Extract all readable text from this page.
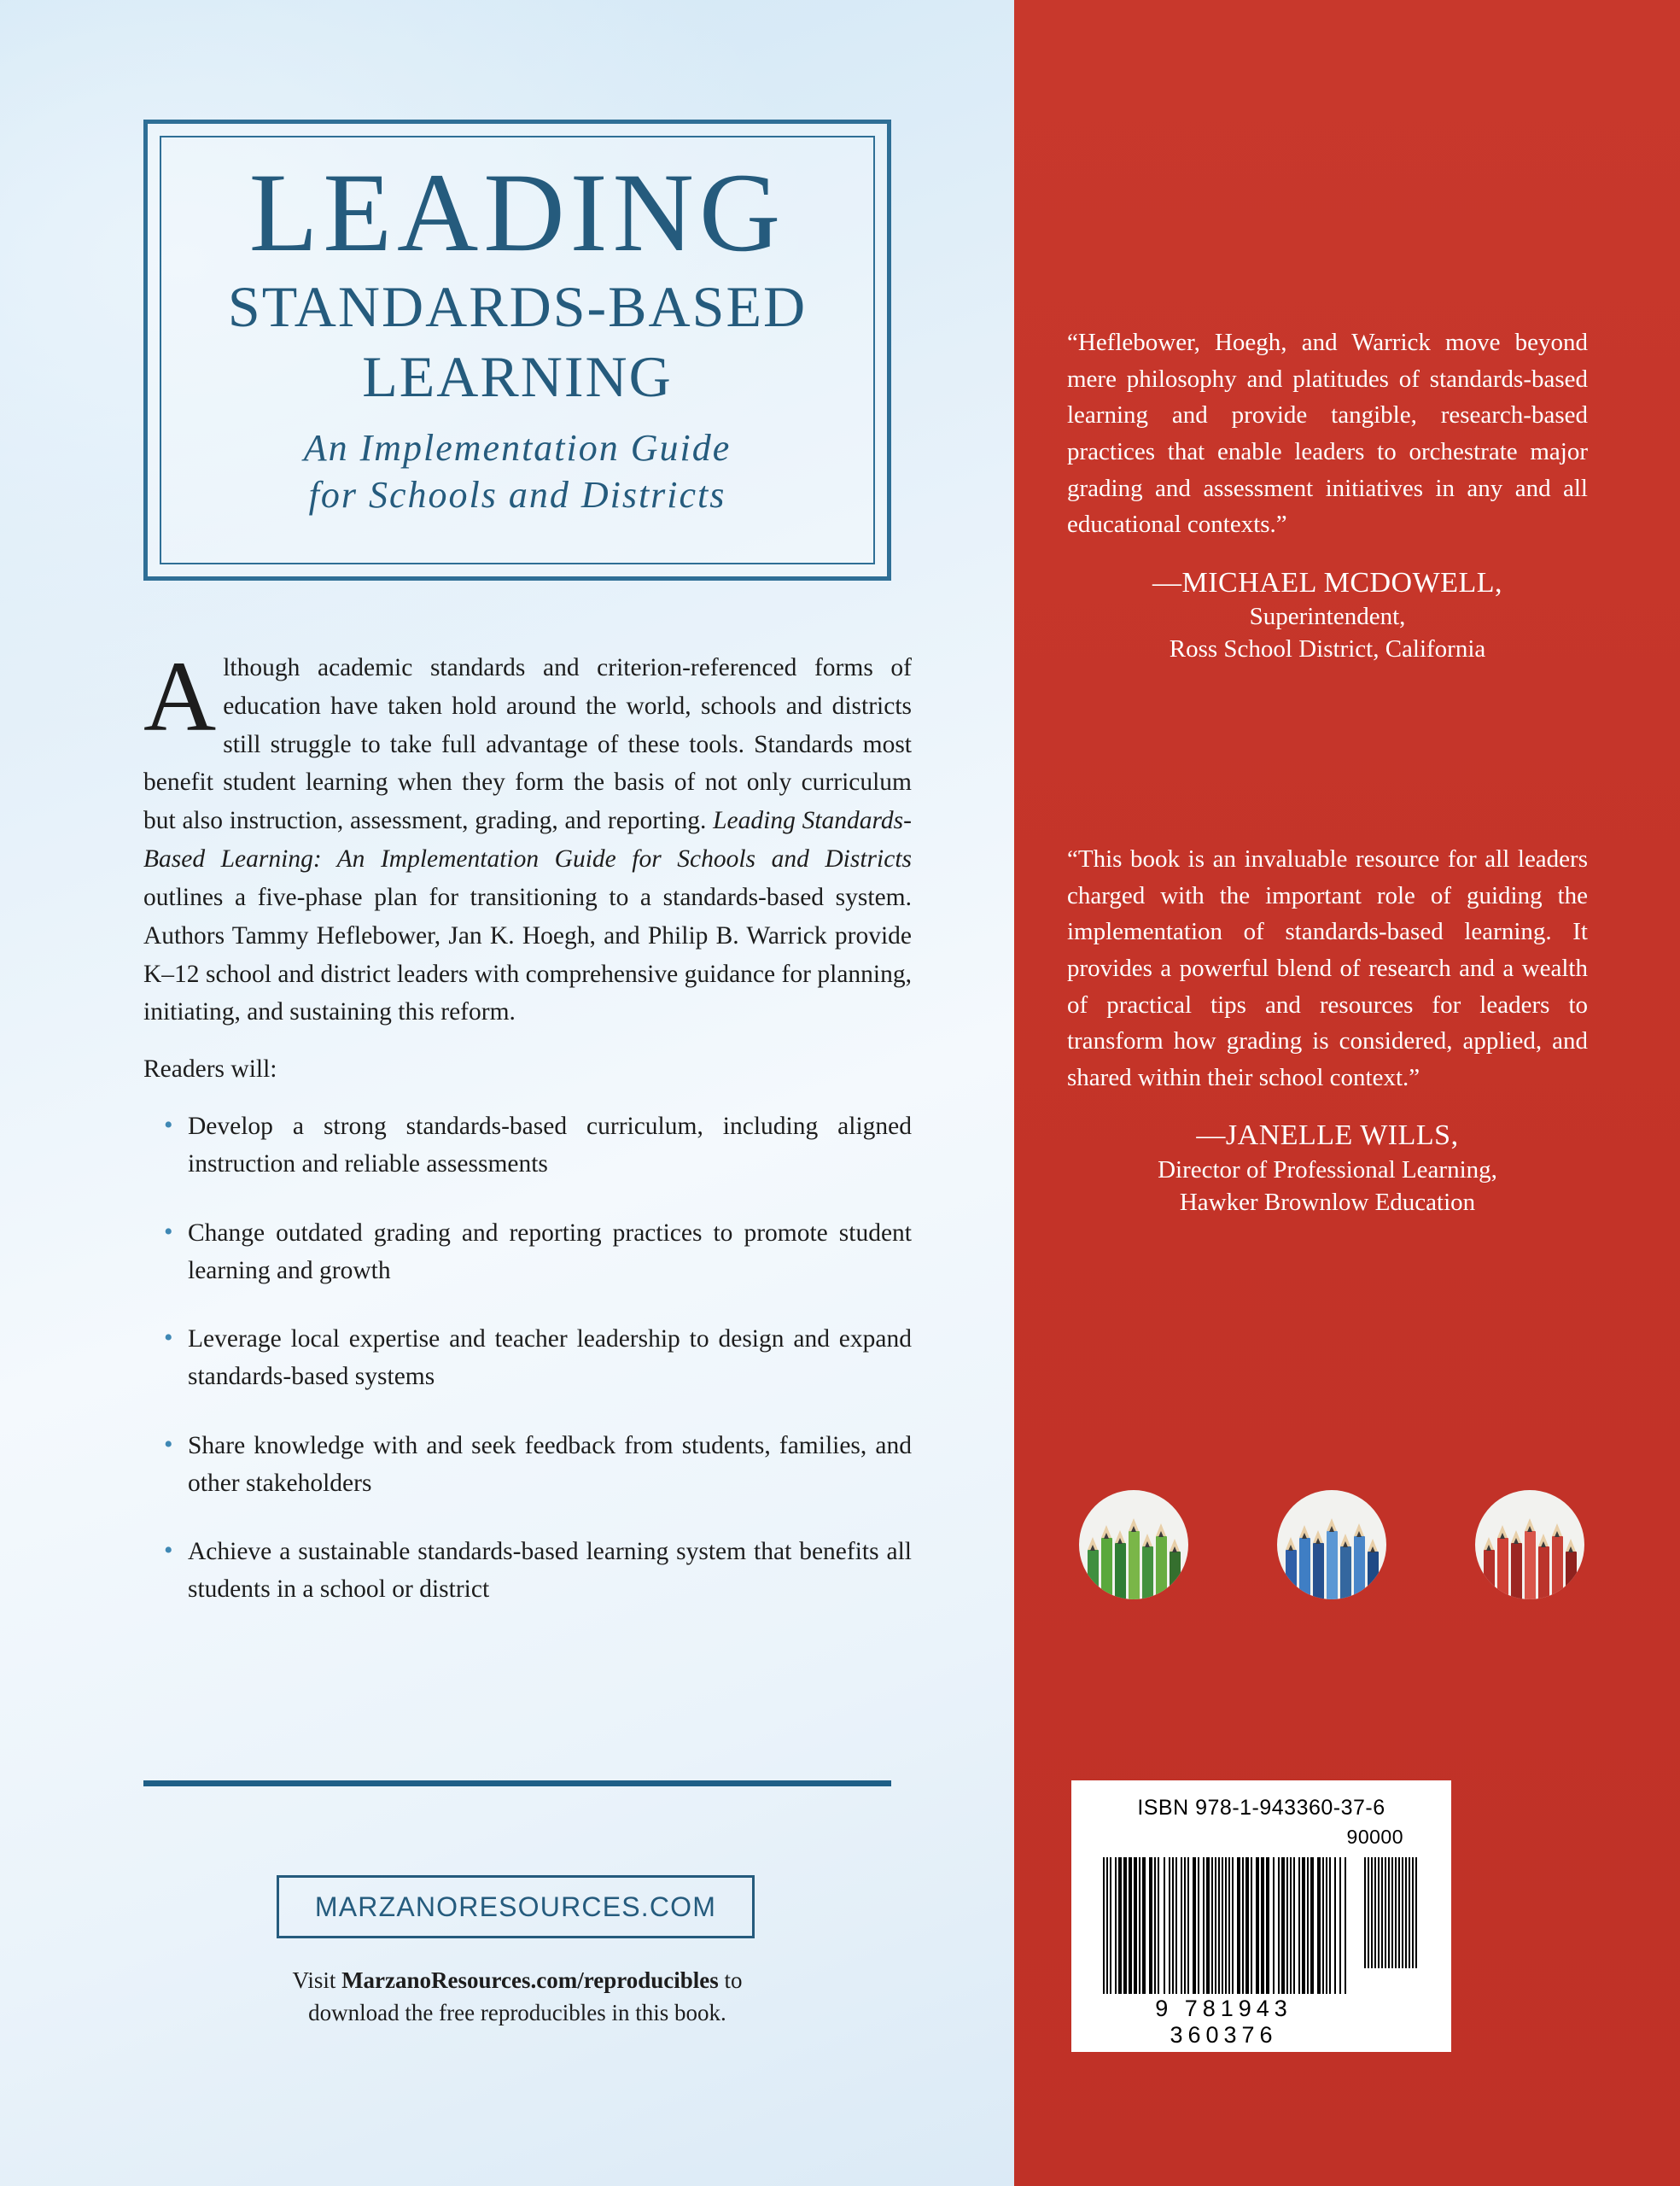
LEADING
STANDARDS-BASED
LEARNING
An Implementation Guide
for Schools and Districts

Although academic standards and criterion-referenced forms of education have taken hold around the world, schools and districts still struggle to take full advantage of these tools. Standards most benefit student learning when they form the basis of not only curriculum but also instruction, assessment, grading, and reporting. Leading Standards-Based Learning: An Implementation Guide for Schools and Districts outlines a five-phase plan for transitioning to a standards-based system. Authors Tammy Heflebower, Jan K. Hoegh, and Philip B. Warrick provide K–12 school and district leaders with comprehensive guidance for planning, initiating, and sustaining this reform.

Readers will:
• Develop a strong standards-based curriculum, including aligned instruction and reliable assessments
• Change outdated grading and reporting practices to promote student learning and growth
• Leverage local expertise and teacher leadership to design and expand standards-based systems
• Share knowledge with and seek feedback from students, families, and other stakeholders
• Achieve a sustainable standards-based learning system that benefits all students in a school or district
MARZANORESOURCES.COM
Visit MarzanoResources.com/reproducibles to
download the free reproducibles in this book.
“Heflebower, Hoegh, and Warrick move beyond mere philosophy and platitudes of standards-based learning and provide tangible, research-based practices that enable leaders to orchestrate major grading and assessment initiatives in any and all educational contexts.”
—MICHAEL MCDOWELL,
Superintendent,
Ross School District, California
“This book is an invaluable resource for all leaders charged with the important role of guiding the implementation of standards-based learning. It provides a powerful blend of research and a wealth of practical tips and resources for leaders to transform how grading is considered, applied, and shared within their school context.”
—JANELLE WILLS,
Director of Professional Learning,
Hawker Brownlow Education
ISBN 978-1-943360-37-6
90000
9 781943 360376
